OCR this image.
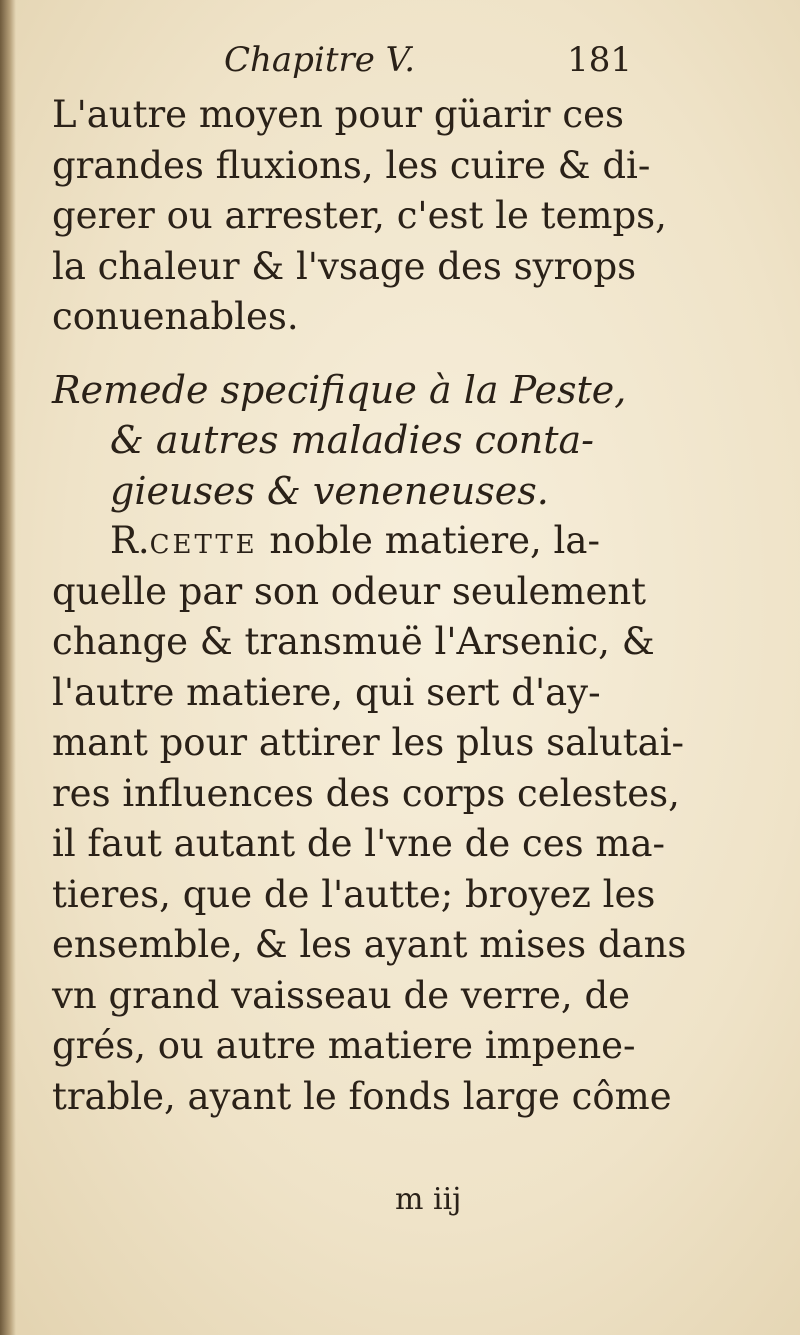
Chapitre V.	181
L'autre moyen pour güarir ces
grandes fluxions, les cuire & di-
gerer ou arrester, c'est le temps,
la chaleur & l'vsage des syrops
conuenables.
Remede specifique à la Peste,
& autres maladies conta-
gieuses & veneneuses.
R.cette noble matiere, la-
quelle par son odeur seulement
change & transmuë l'Arsenic, &
l'autre matiere, qui sert d'ay-
mant pour attirer les plus salutai-
res influences des corps celestes,
il faut autant de l'vne de ces ma-
tieres, que de l'autte; broyez les
ensemble, & les ayant mises dans
vn grand vaisseau de verre, de
grés, ou autre matiere impene-
trable, ayant le fonds large côme
m iij
